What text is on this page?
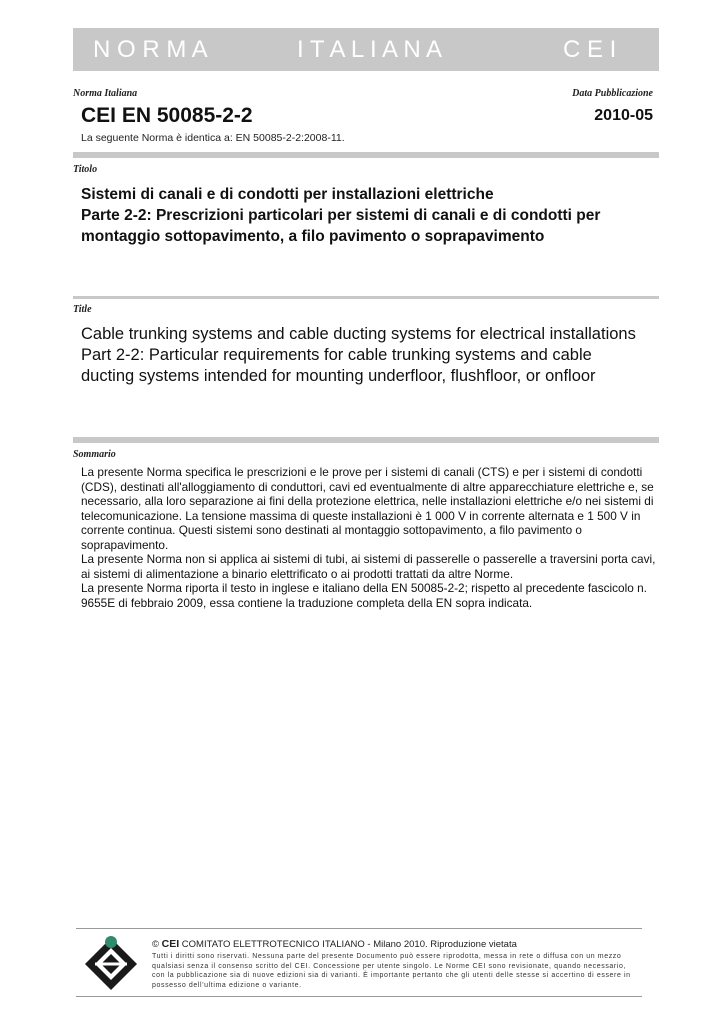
N O R M A	I T A L I A N A	C E I
Norma Italiana	Data Pubblicazione
CEI EN 50085-2-2	2010-05
La seguente Norma è identica a: EN 50085-2-2:2008-11.
Titolo
Sistemi di canali e di condotti per installazioni elettriche
Parte 2-2: Prescrizioni particolari per sistemi di canali e di condotti per
montaggio sottopavimento, a filo pavimento o soprapavimento
Title
Cable trunking systems and cable ducting systems for electrical installations
Part 2-2: Particular requirements for cable trunking systems and cable
ducting systems intended for mounting underfloor, flushfloor, or onfloor
Sommario

La presente Norma specifica le prescrizioni e le prove per i sistemi di canali (CTS) e per i sistemi di condotti (CDS), destinati all'alloggiamento di conduttori, cavi ed eventualmente di altre apparecchiature elettriche e, se necessario, alla loro separazione ai fini della protezione elettrica, nelle installazioni elettriche e/o nei sistemi di telecomunicazione. La tensione massima di queste installazioni è 1 000 V in corrente alternata e 1 500 V in corrente continua. Questi sistemi sono destinati al montaggio sottopavimento, a filo pavimento o soprapavimento.

La presente Norma non si applica ai sistemi di tubi, ai sistemi di passerelle o passerelle a traversini porta cavi, ai sistemi di alimentazione a binario elettrificato o ai prodotti trattati da altre Norme.

La presente Norma riporta il testo in inglese e italiano della EN 50085-2-2; rispetto al precedente fascicolo n. 9655E di febbraio 2009, essa contiene la traduzione completa della EN sopra indicata.

© CEI COMITATO ELETTROTECNICO ITALIANO - Milano 2010. Riproduzione vietata
Tutti i diritti sono riservati. Nessuna parte del presente Documento può essere riprodotta, messa in rete o diffusa con un mezzo qualsiasi senza il consenso scritto del CEI. Concessione per utente singolo. Le Norme CEI sono revisionate, quando necessario, con la pubblicazione sia di nuove edizioni sia di varianti. È importante pertanto che gli utenti delle stesse si accertino di essere in possesso dell'ultima edizione o variante.
